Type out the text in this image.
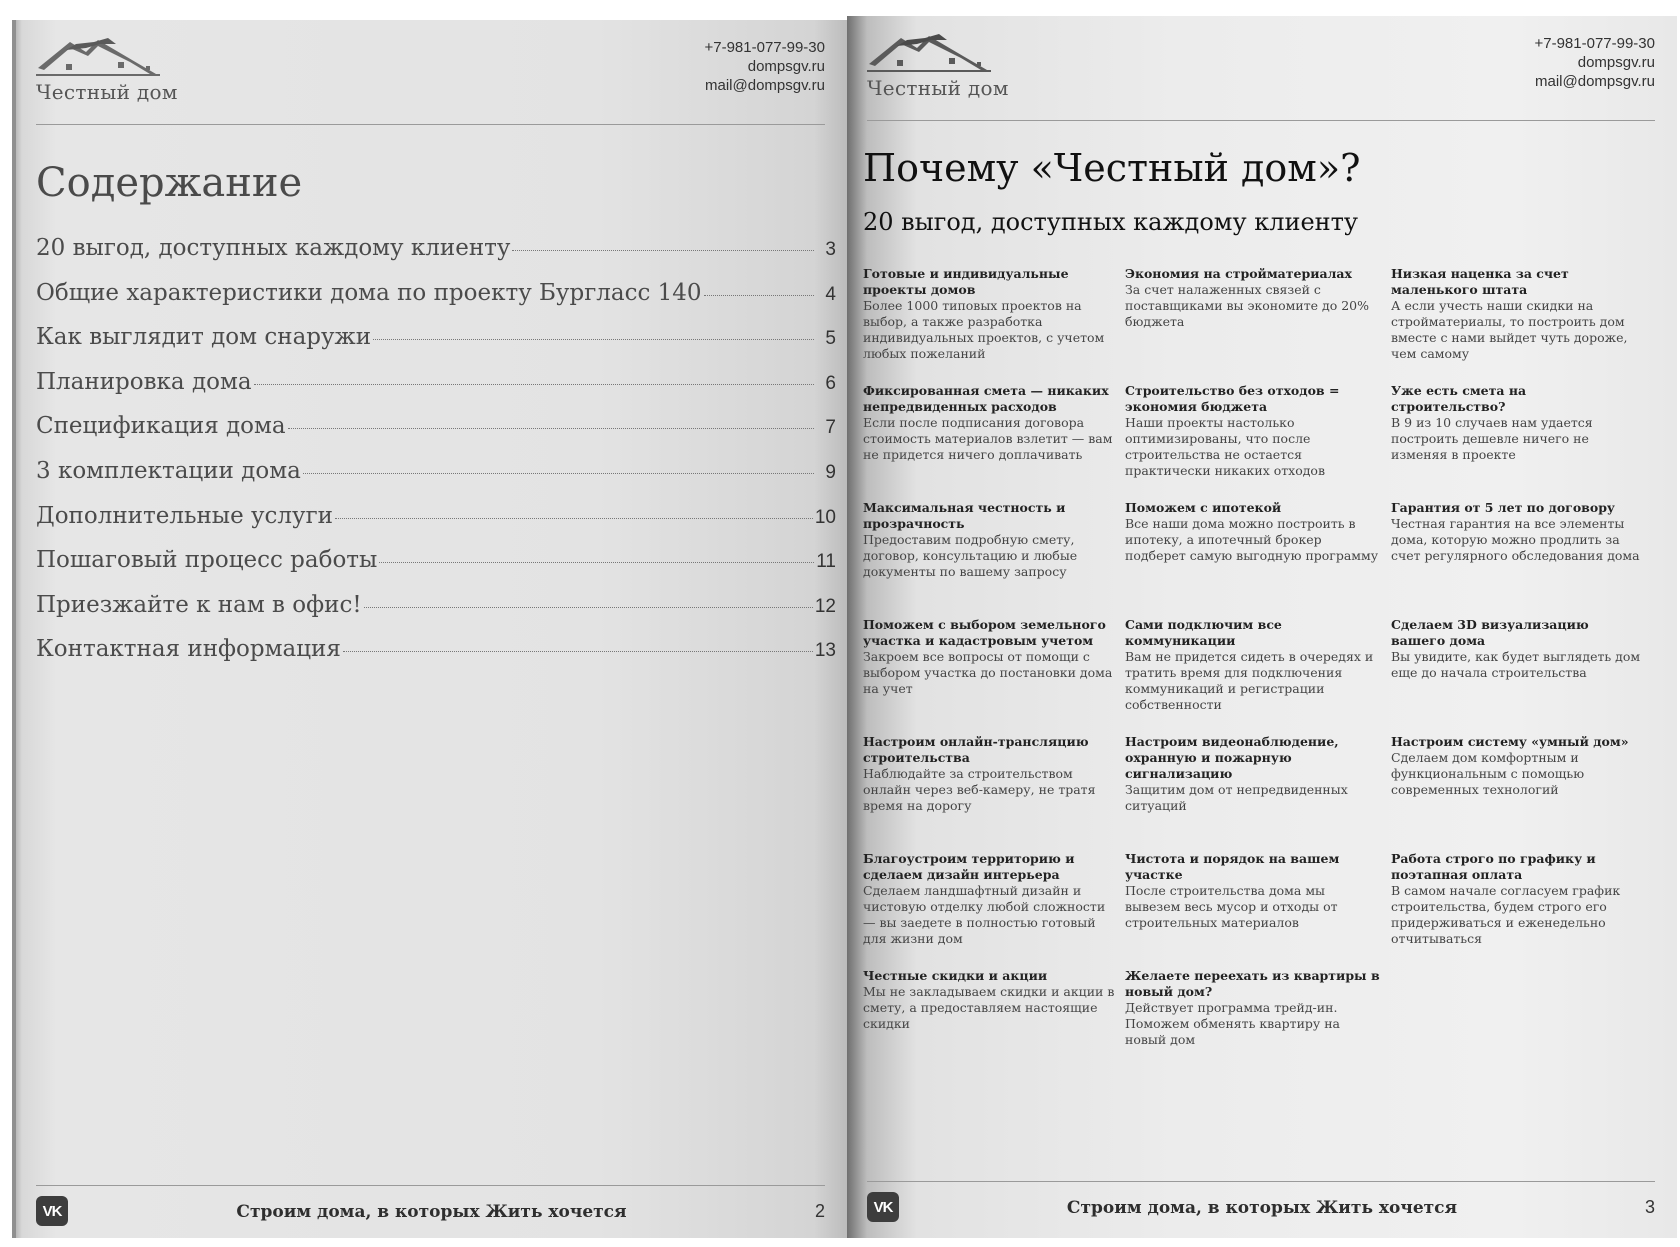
Честный дом
+7-981-077-99-30
dompsgv.ru
mail@dompsgv.ru
Содержание
20 выгод, доступных каждому клиенту	3
Общие характеристики дома по проекту Бургласс 140	4
Как выглядит дом снаружи	5
Планировка дома	6
Спецификация дома	7
3 комплектации дома	9
Дополнительные услуги	10
Пошаговый процесс работы	11
Приезжайте к нам в офис!	12
Контактная информация	13
VK	Строим дома, в которых Жить хочется	2
Честный дом
+7-981-077-99-30
dompsgv.ru
mail@dompsgv.ru
Почему «Честный дом»?
20 выгод, доступных каждому клиенту
Готовые и индивидуальные проекты домов
Более 1000 типовых проектов на выбор, а также разработка индивидуальных проектов, с учетом любых пожеланий
Фиксированная смета — никаких непредвиденных расходов
Если после подписания договора стоимость материалов взлетит — вам не придется ничего доплачивать
Максимальная честность и прозрачность
Предоставим подробную смету, договор, консультацию и любые документы по вашему запросу
Поможем с выбором земельного участка и кадастровым учетом
Закроем все вопросы от помощи с выбором участка до постановки дома на учет
Настроим онлайн-трансляцию строительства
Наблюдайте за строительством онлайн через веб-камеру, не тратя время на дорогу
Благоустроим территорию и сделаем дизайн интерьера
Сделаем ландшафтный дизайн и чистовую отделку любой сложности — вы заедете в полностью готовый для жизни дом
Честные скидки и акции
Мы не закладываем скидки и акции в смету, а предоставляем настоящие скидки
Экономия на стройматериалах
За счет налаженных связей с поставщиками вы экономите до 20% бюджета
Строительство без отходов = экономия бюджета
Наши проекты настолько оптимизированы, что после строительства не остается практически никаких отходов
Поможем с ипотекой
Все наши дома можно построить в ипотеку, а ипотечный брокер подберет самую выгодную программу
Сами подключим все коммуникации
Вам не придется сидеть в очередях и тратить время для подключения коммуникаций и регистрации собственности
Настроим видеонаблюдение, охранную и пожарную сигнализацию
Защитим дом от непредвиденных ситуаций
Чистота и порядок на вашем участке
После строительства дома мы вывезем весь мусор и отходы от строительных материалов
Желаете переехать из квартиры в новый дом?
Действует программа трейд-ин. Поможем обменять квартиру на новый дом
Низкая наценка за счет маленького штата
А если учесть наши скидки на стройматериалы, то построить дом вместе с нами выйдет чуть дороже, чем самому
Уже есть смета на строительство?
В 9 из 10 случаев нам удается построить дешевле ничего не изменяя в проекте
Гарантия от 5 лет по договору
Честная гарантия на все элементы дома, которую можно продлить за счет регулярного обследования дома
Сделаем 3D визуализацию вашего дома
Вы увидите, как будет выглядеть дом еще до начала строительства
Настроим систему «умный дом»
Сделаем дом комфортным и функциональным с помощью современных технологий
Работа строго по графику и поэтапная оплата
В самом начале согласуем график строительства, будем строго его придерживаться и еженедельно отчитываться
VK	Строим дома, в которых Жить хочется	3
